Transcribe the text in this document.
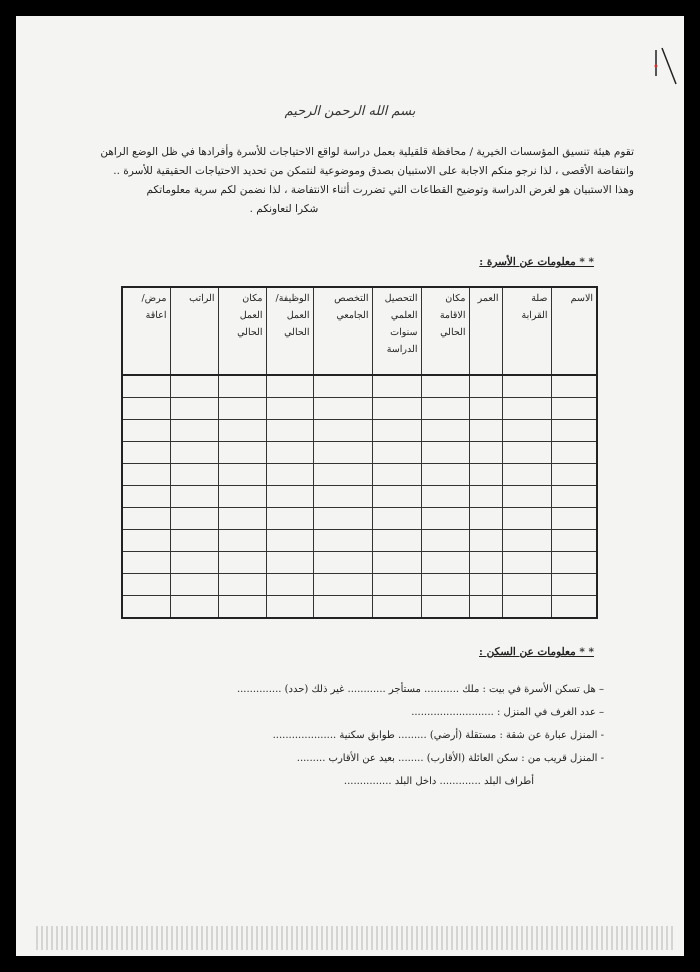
بسم الله الرحمن الرحيم

تقوم هيئة تنسيق المؤسسات الخيرية / محافظة قلقيلية بعمل دراسة لواقع الاحتياجات للأسرة وأفرادها في ظل الوضع الراهن

وانتفاضة الأقصى ، لذا نرجو منكم الاجابة على الاستبيان بصدق وموضوعية لنتمكن من تحديد الاحتياجات الحقيقية للأسرة ..

وهذا الاستبيان هو لغرض الدراسة وتوضيح القطاعات التي تضررت أثناء الانتفاضة ، لذا نضمن لكم سرية معلوماتكم

شكرا لتعاونكم .

* * معلومات عن الأسرة :
الاسم	صلة القرابة	العمر	مكان الاقامة الحالي	التحصيل العلمي سنوات الدراسة	التخصص الجامعي	الوظيفة/ العمل الحالي	مكان العمل الحالي	الراتب	مرض/ اعاقة

* * معلومات عن السكن :
– هل تسكن الأسرة في بيت : ملك ........... مستأجر ............ غير ذلك (حدد) ..............
– عدد الغرف في المنزل : ..........................
- المنزل عبارة عن شقة : مستقلة (أرضي) ......... طوابق سكنية ....................
- المنزل قريب من : سكن العائلة (الأقارب) ........ بعيد عن الأقارب .........
أطراف البلد ............. داخل البلد ...............
